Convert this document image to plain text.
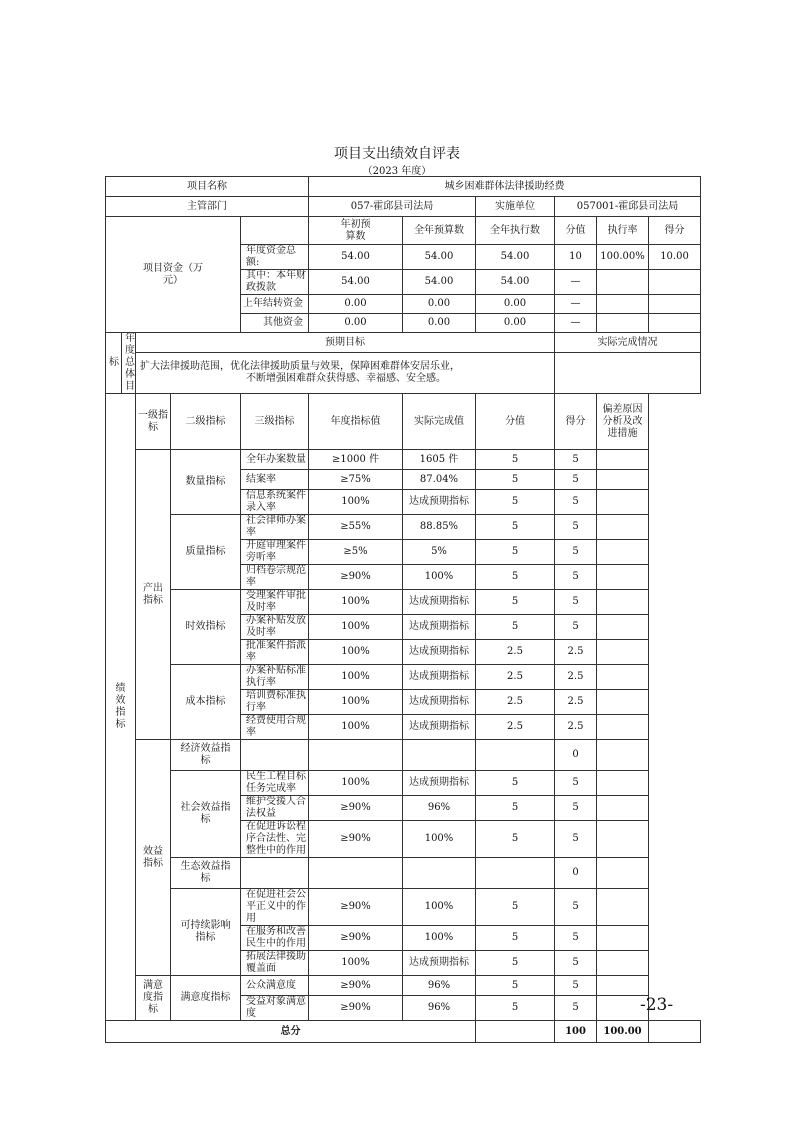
项目支出绩效自评表
（2023 年度）
项目名称					城乡困难群体法律援助经费					
主管部门					057-霍邱县司法局		实施单位	057001-霍邱县司法局		
项目资金（万元）					年初预算数	全年预算数	全年执行数	分值	执行率	得分
				年度资金总额:	54.00	54.00	54.00	10	100.00%	10.00
				其中：本年财政拨款	54.00	54.00	54.00	—		
				上年结转资金	0.00	0.00	0.00	—		
				其他资金	0.00	0.00	0.00	—		
标	年度总体目	预期目标						实际完成情况		

		扩大法律援助范围，优化法律援助质量与效果，保障困难群体安居乐业，
不断增强困难群众获得感、幸福感、安全感。								

绩效指标		一级指标	二级指标	三级指标	年度指标值	实际完成值	分值	得分	偏差原因分析及改进措施	
		产出指标	数量指标	全年办案数量	≥1000 件	1605 件	5	5		
				结案率	≥75%	87.04%	5	5		
				信息系统案件录入率	100%	达成预期指标	5	5		
			质量指标	社会律师办案率	≥55%	88.85%	5	5		
				开庭审理案件旁听率	≥5%	5%	5	5		
				归档卷宗规范率	≥90%	100%	5	5		
			时效指标	受理案件审批及时率	100%	达成预期指标	5	5		
				办案补贴发放及时率	100%	达成预期指标	5	5		
				批准案件指派率	100%	达成预期指标	2.5	2.5		
			成本指标	办案补贴标准执行率	100%	达成预期指标	2.5	2.5		
				培训费标准执行率	100%	达成预期指标	2.5	2.5		
				经费使用合规率	100%	达成预期指标	2.5	2.5		
		效益指标	经济效益指标					0		
			社会效益指标	民生工程目标任务完成率	100%	达成预期指标	5	5		
				维护受援人合法权益	≥90%	96%	5	5		
				在促进诉讼程序合法性、完整性中的作用	≥90%	100%	5	5		
			生态效益指标					0		
			可持续影响指标	在促进社会公平正义中的作用	≥90%	100%	5	5		
				在服务和改善民生中的作用	≥90%	100%	5	5		
				拓展法律援助覆盖面	100%	达成预期指标	5	5		
		满意度指标	满意度指标	公众满意度	≥90%	96%	5	5		
				受益对象满意度	≥90%	96%	5	5		
总分								100	100.00	
-23-
